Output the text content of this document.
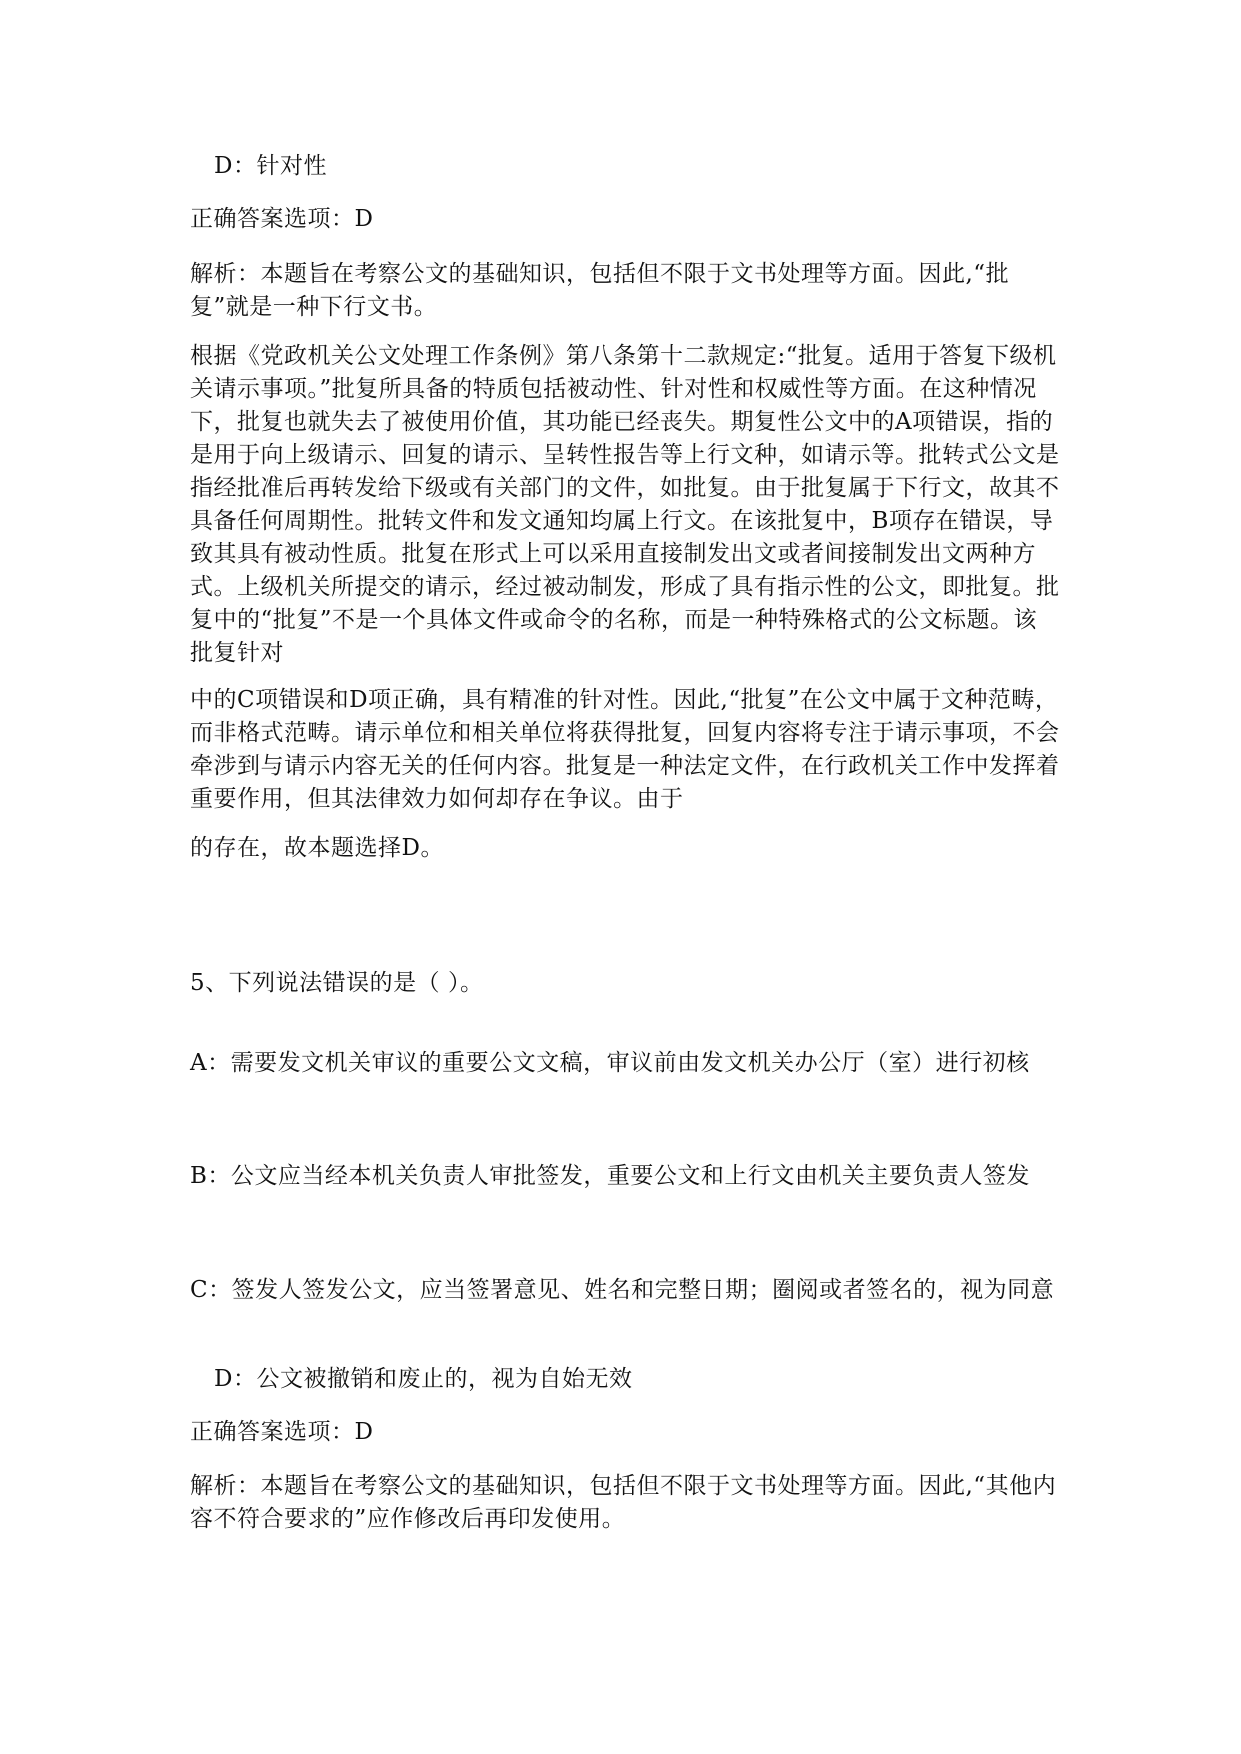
D：针对性

正确答案选项：D

解析：本题旨在考察公文的基础知识，包括但不限于文书处理等方面。因此,“批复”就是一种下行文书。

根据《党政机关公文处理工作条例》第八条第十二款规定:“批复。适用于答复下级机关请示事项。”批复所具备的特质包括被动性、针对性和权威性等方面。在这种情况下，批复也就失去了被使用价值，其功能已经丧失。期复性公文中的A项错误，指的是用于向上级请示、回复的请示、呈转性报告等上行文种，如请示等。批转式公文是指经批准后再转发给下级或有关部门的文件，如批复。由于批复属于下行文，故其不具备任何周期性。批转文件和发文通知均属上行文。在该批复中，B项存在错误，导致其具有被动性质。批复在形式上可以采用直接制发出文或者间接制发出文两种方式。上级机关所提交的请示，经过被动制发，形成了具有指示性的公文，即批复。批复中的“批复”不是一个具体文件或命令的名称，而是一种特殊格式的公文标题。该批复针对

中的C项错误和D项正确，具有精准的针对性。因此,“批复”在公文中属于文种范畴，而非格式范畴。请示单位和相关单位将获得批复，回复内容将专注于请示事项，不会牵涉到与请示内容无关的任何内容。批复是一种法定文件，在行政机关工作中发挥着重要作用，但其法律效力如何却存在争议。由于

的存在，故本题选择D。

5、下列说法错误的是（ ）。

A：需要发文机关审议的重要公文文稿，审议前由发文机关办公厅（室）进行初核

B：公文应当经本机关负责人审批签发，重要公文和上行文由机关主要负责人签发

C：签发人签发公文，应当签署意见、姓名和完整日期；圈阅或者签名的，视为同意

D：公文被撤销和废止的，视为自始无效

正确答案选项：D

解析：本题旨在考察公文的基础知识，包括但不限于文书处理等方面。因此,“其他内容不符合要求的”应作修改后再印发使用。
